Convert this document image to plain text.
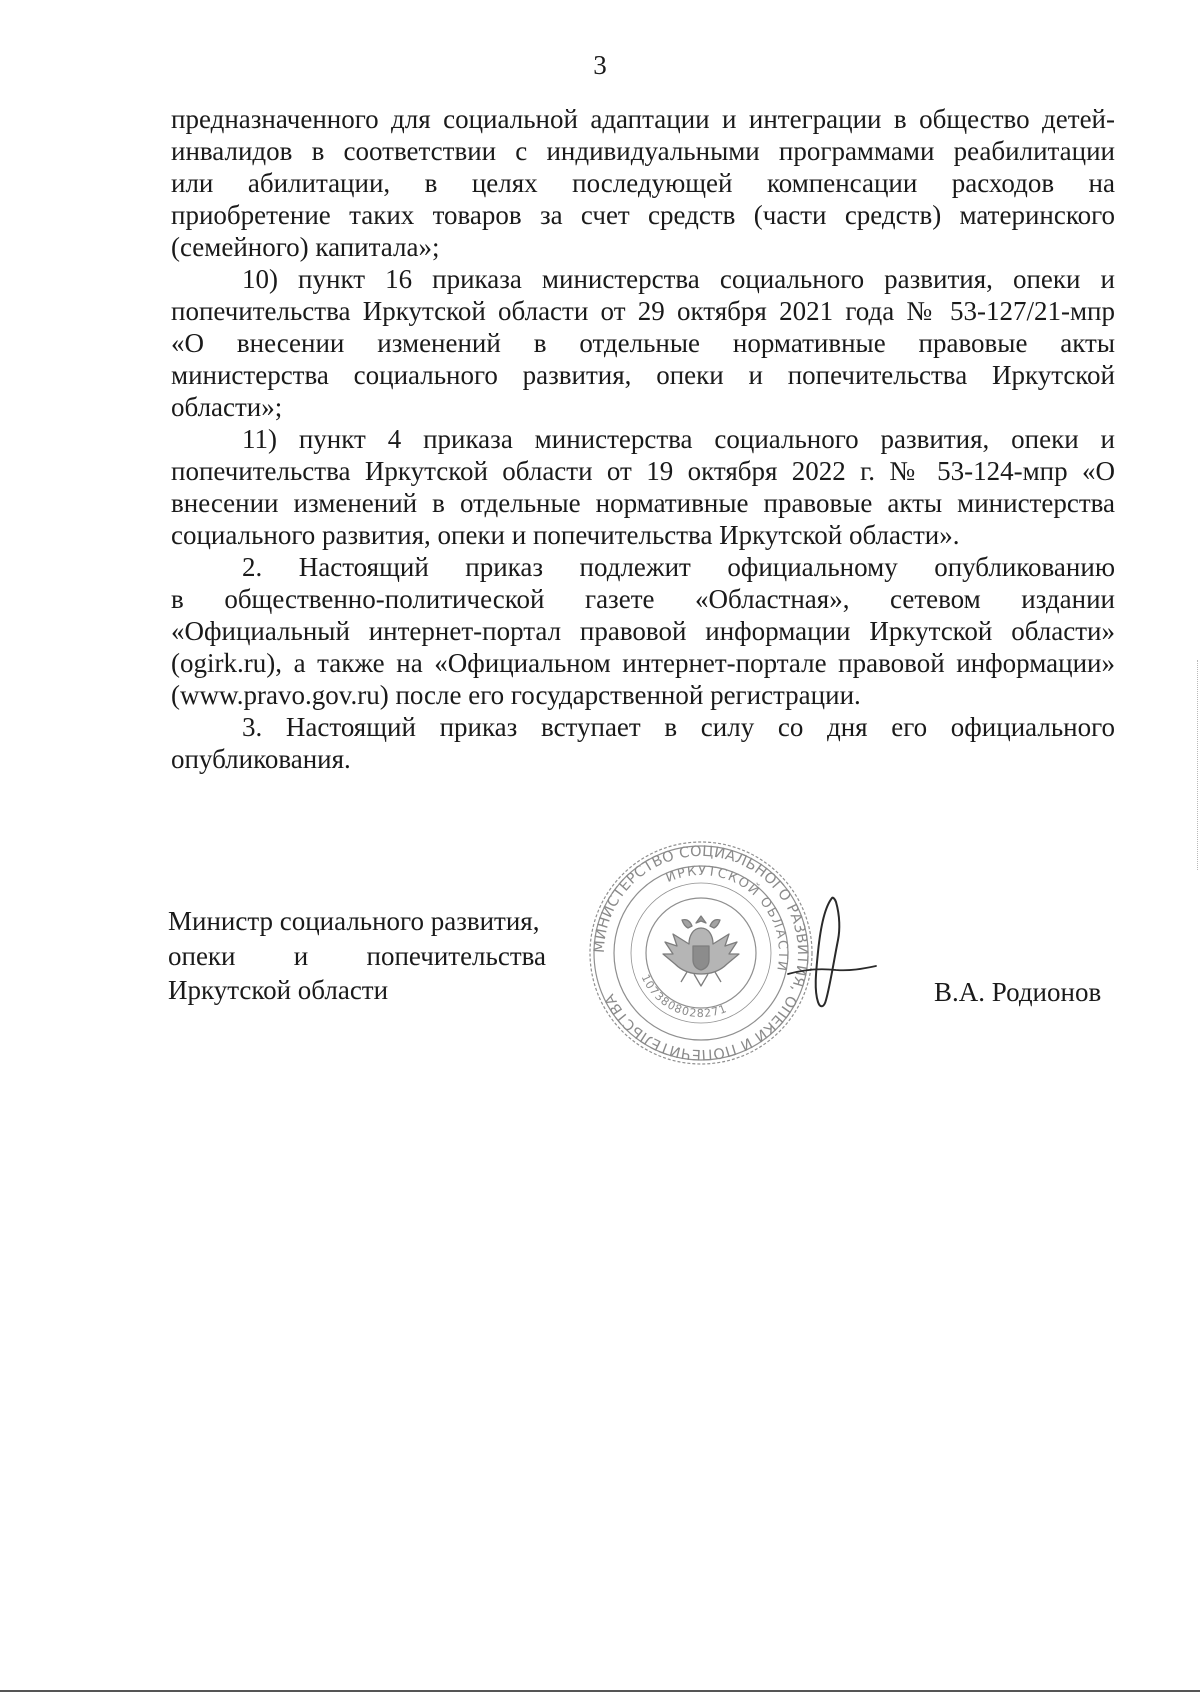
3
предназначенного для социальной адаптации и интеграции в общество детей-
инвалидов в соответствии с индивидуальными программами реабилитации
или абилитации, в целях последующей компенсации расходов на
приобретение таких товаров за счет средств (части средств) материнского
(семейного) капитала»;
10) пункт 16 приказа министерства социального развития, опеки и
попечительства Иркутской области от 29 октября 2021 года № 53-127/21-мпр
«О внесении изменений в отдельные нормативные правовые акты
министерства социального развития, опеки и попечительства Иркутской
области»;
11) пункт 4 приказа министерства социального развития, опеки и
попечительства Иркутской области от 19 октября 2022 г. № 53-124-мпр «О
внесении изменений в отдельные нормативные правовые акты министерства
социального развития, опеки и попечительства Иркутской области».
2. Настоящий приказ подлежит официальному опубликованию
в общественно-политической газете «Областная», сетевом издании
«Официальный интернет-портал правовой информации Иркутской области»
(ogirk.ru), а также на «Официальном интернет-портале правовой информации»
(www.pravo.gov.ru) после его государственной регистрации.
3. Настоящий приказ вступает в силу со дня его официального
опубликования.
Министр социального развития,
опеки и попечительства
Иркутской области	В.А. Родионов
МИНИСТЕРСТВО СОЦИАЛЬНОГО РАЗВИТИЯ, ОПЕКИ И ПОПЕЧИТЕЛЬСТВА
ИРКУТСКОЙ ОБЛАСТИ
1073808028271
